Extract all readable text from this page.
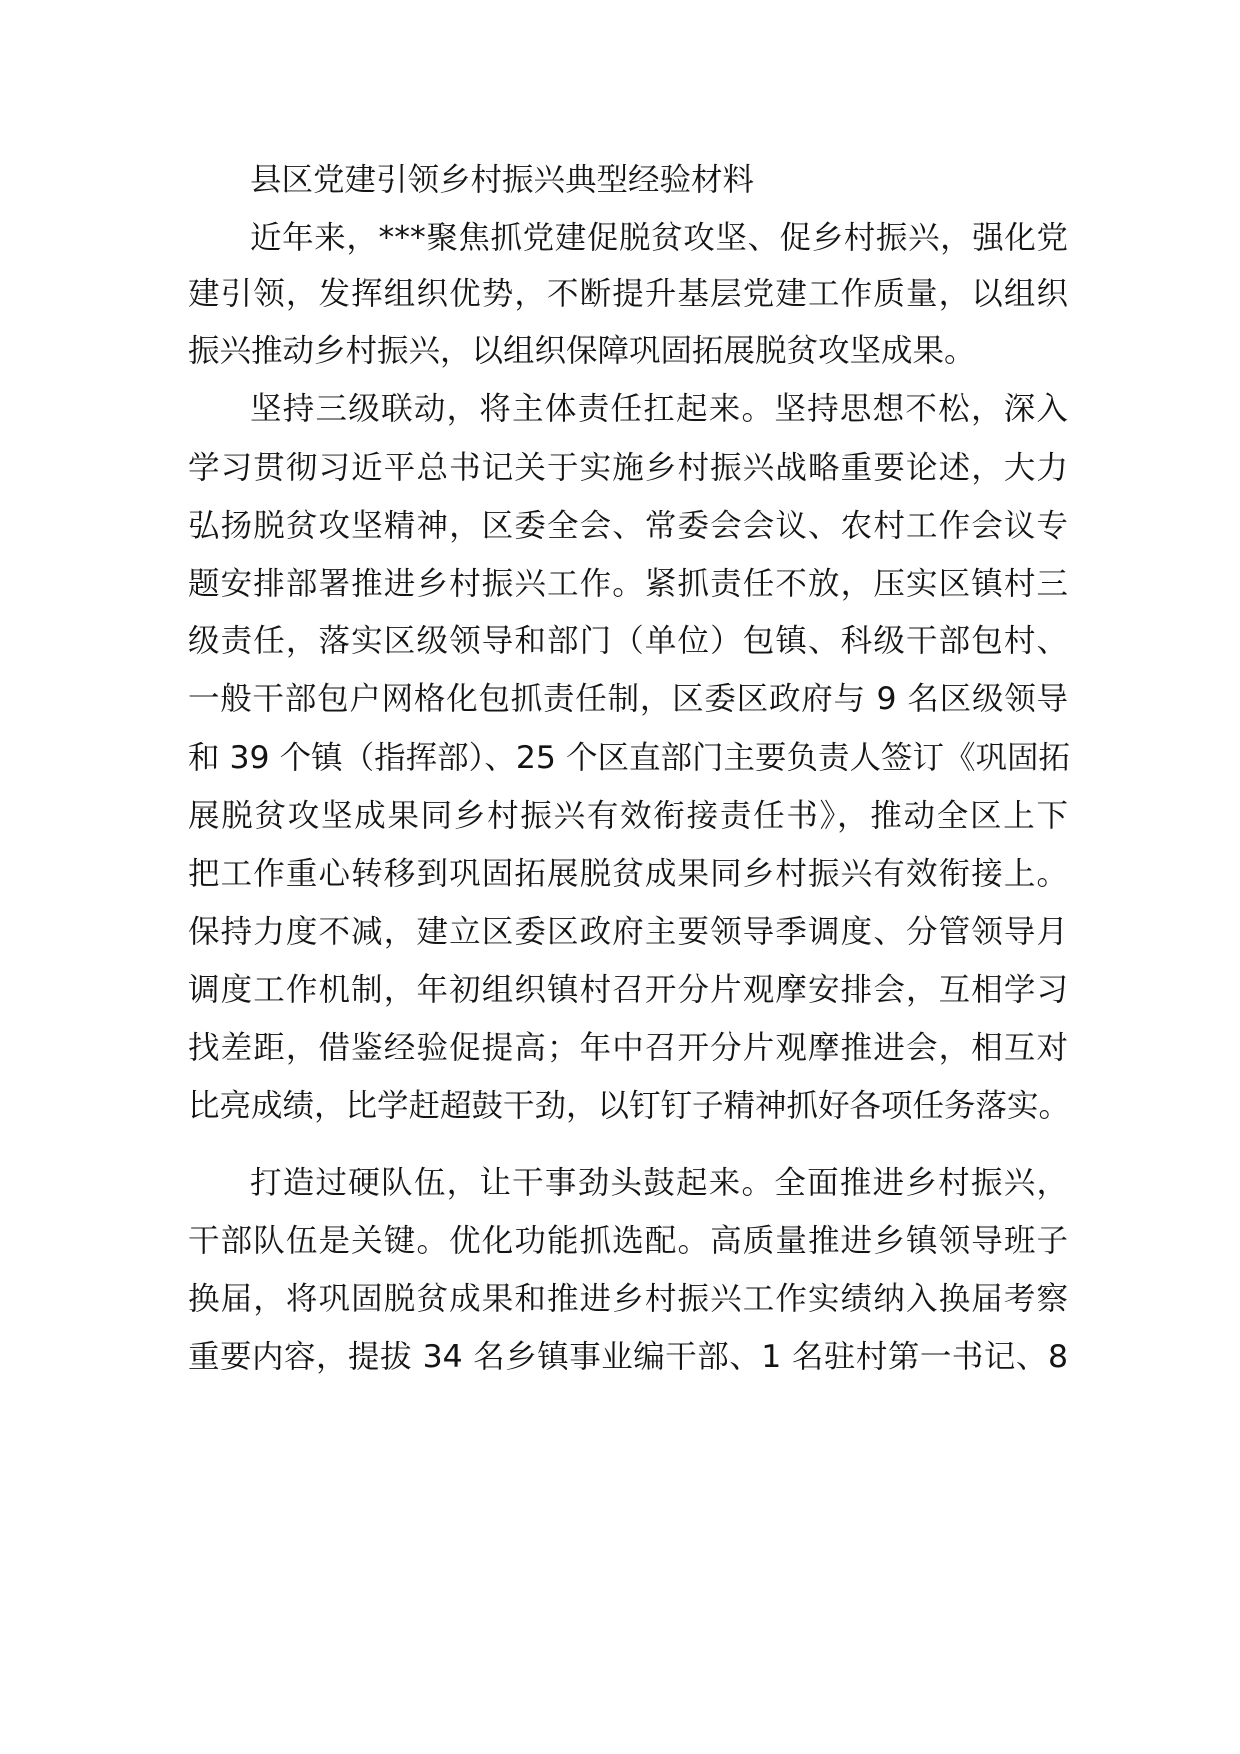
县区党建引领乡村振兴典型经验材料
近年来，***聚焦抓党建促脱贫攻坚、促乡村振兴，强化党
建引领，发挥组织优势，不断提升基层党建工作质量，以组织
振兴推动乡村振兴，以组织保障巩固拓展脱贫攻坚成果。
坚持三级联动，将主体责任扛起来。坚持思想不松，深入
学习贯彻习近平总书记关于实施乡村振兴战略重要论述，大力
弘扬脱贫攻坚精神，区委全会、常委会会议、农村工作会议专
题安排部署推进乡村振兴工作。紧抓责任不放，压实区镇村三
级责任，落实区级领导和部门（单位）包镇、科级干部包村、
一般干部包户网格化包抓责任制，区委区政府与 9 名区级领导
和 39 个镇（指挥部）、25 个区直部门主要负责人签订《巩固拓
展脱贫攻坚成果同乡村振兴有效衔接责任书》，推动全区上下
把工作重心转移到巩固拓展脱贫成果同乡村振兴有效衔接上。
保持力度不减，建立区委区政府主要领导季调度、分管领导月
调度工作机制，年初组织镇村召开分片观摩安排会，互相学习
找差距，借鉴经验促提高；年中召开分片观摩推进会，相互对
比亮成绩，比学赶超鼓干劲，以钉钉子精神抓好各项任务落实。
打造过硬队伍，让干事劲头鼓起来。全面推进乡村振兴，
干部队伍是关键。优化功能抓选配。高质量推进乡镇领导班子
换届，将巩固脱贫成果和推进乡村振兴工作实绩纳入换届考察
重要内容，提拔 34 名乡镇事业编干部、1 名驻村第一书记、8
